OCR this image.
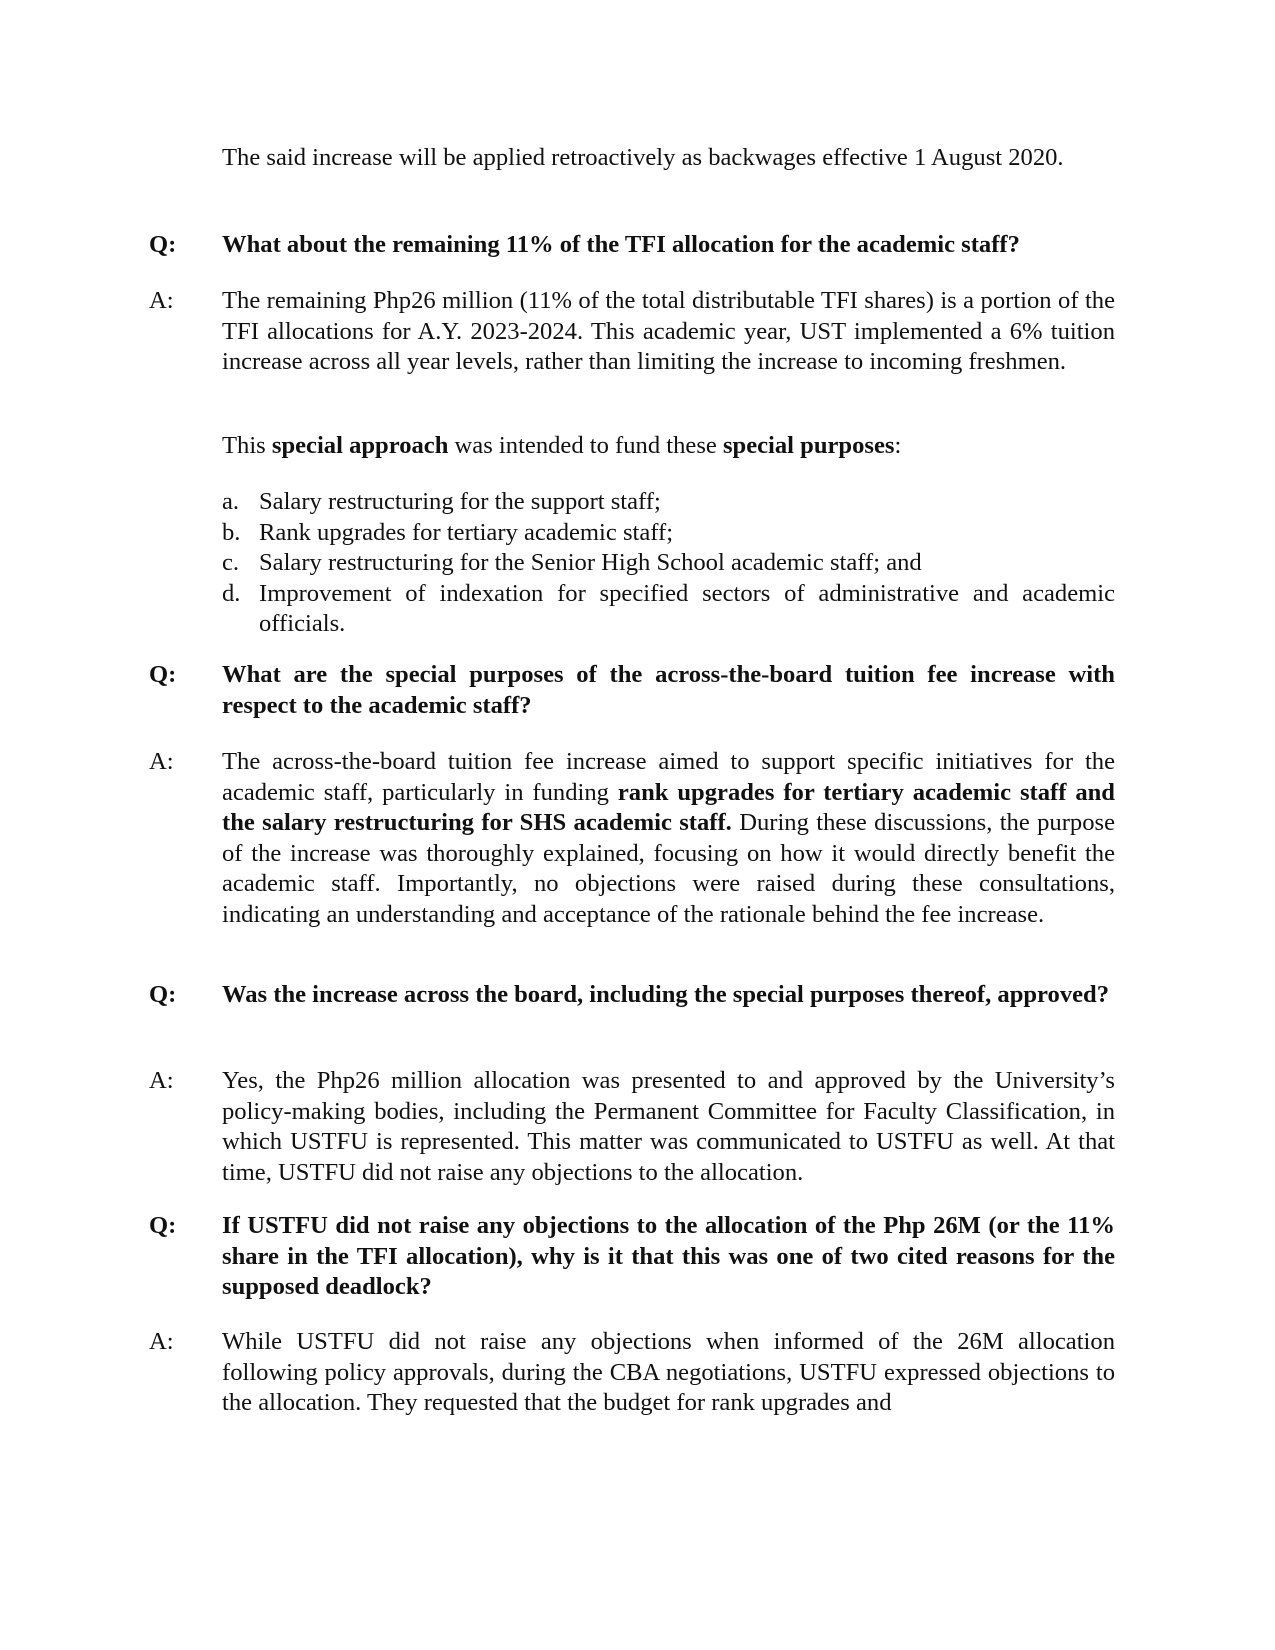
The said increase will be applied retroactively as backwages effective 1 August 2020.

Q: What about the remaining 11% of the TFI allocation for the academic staff?

A: The remaining Php26 million (11% of the total distributable TFI shares) is a portion of the TFI allocations for A.Y. 2023-2024. This academic year, UST implemented a 6% tuition increase across all year levels, rather than limiting the increase to incoming freshmen.

This special approach was intended to fund these special purposes:

a. Salary restructuring for the support staff;
b. Rank upgrades for tertiary academic staff;
c. Salary restructuring for the Senior High School academic staff; and
d. Improvement of indexation for specified sectors of administrative and academic officials.

Q: What are the special purposes of the across-the-board tuition fee increase with respect to the academic staff?

A: The across-the-board tuition fee increase aimed to support specific initiatives for the academic staff, particularly in funding rank upgrades for tertiary academic staff and the salary restructuring for SHS academic staff. During these discussions, the purpose of the increase was thoroughly explained, focusing on how it would directly benefit the academic staff. Importantly, no objections were raised during these consultations, indicating an understanding and acceptance of the rationale behind the fee increase.

Q: Was the increase across the board, including the special purposes thereof, approved?

A: Yes, the Php26 million allocation was presented to and approved by the University’s policy-making bodies, including the Permanent Committee for Faculty Classification, in which USTFU is represented. This matter was communicated to USTFU as well. At that time, USTFU did not raise any objections to the allocation.

Q: If USTFU did not raise any objections to the allocation of the Php 26M (or the 11% share in the TFI allocation), why is it that this was one of two cited reasons for the supposed deadlock?

A: While USTFU did not raise any objections when informed of the 26M allocation following policy approvals, during the CBA negotiations, USTFU expressed objections to the allocation. They requested that the budget for rank upgrades and
